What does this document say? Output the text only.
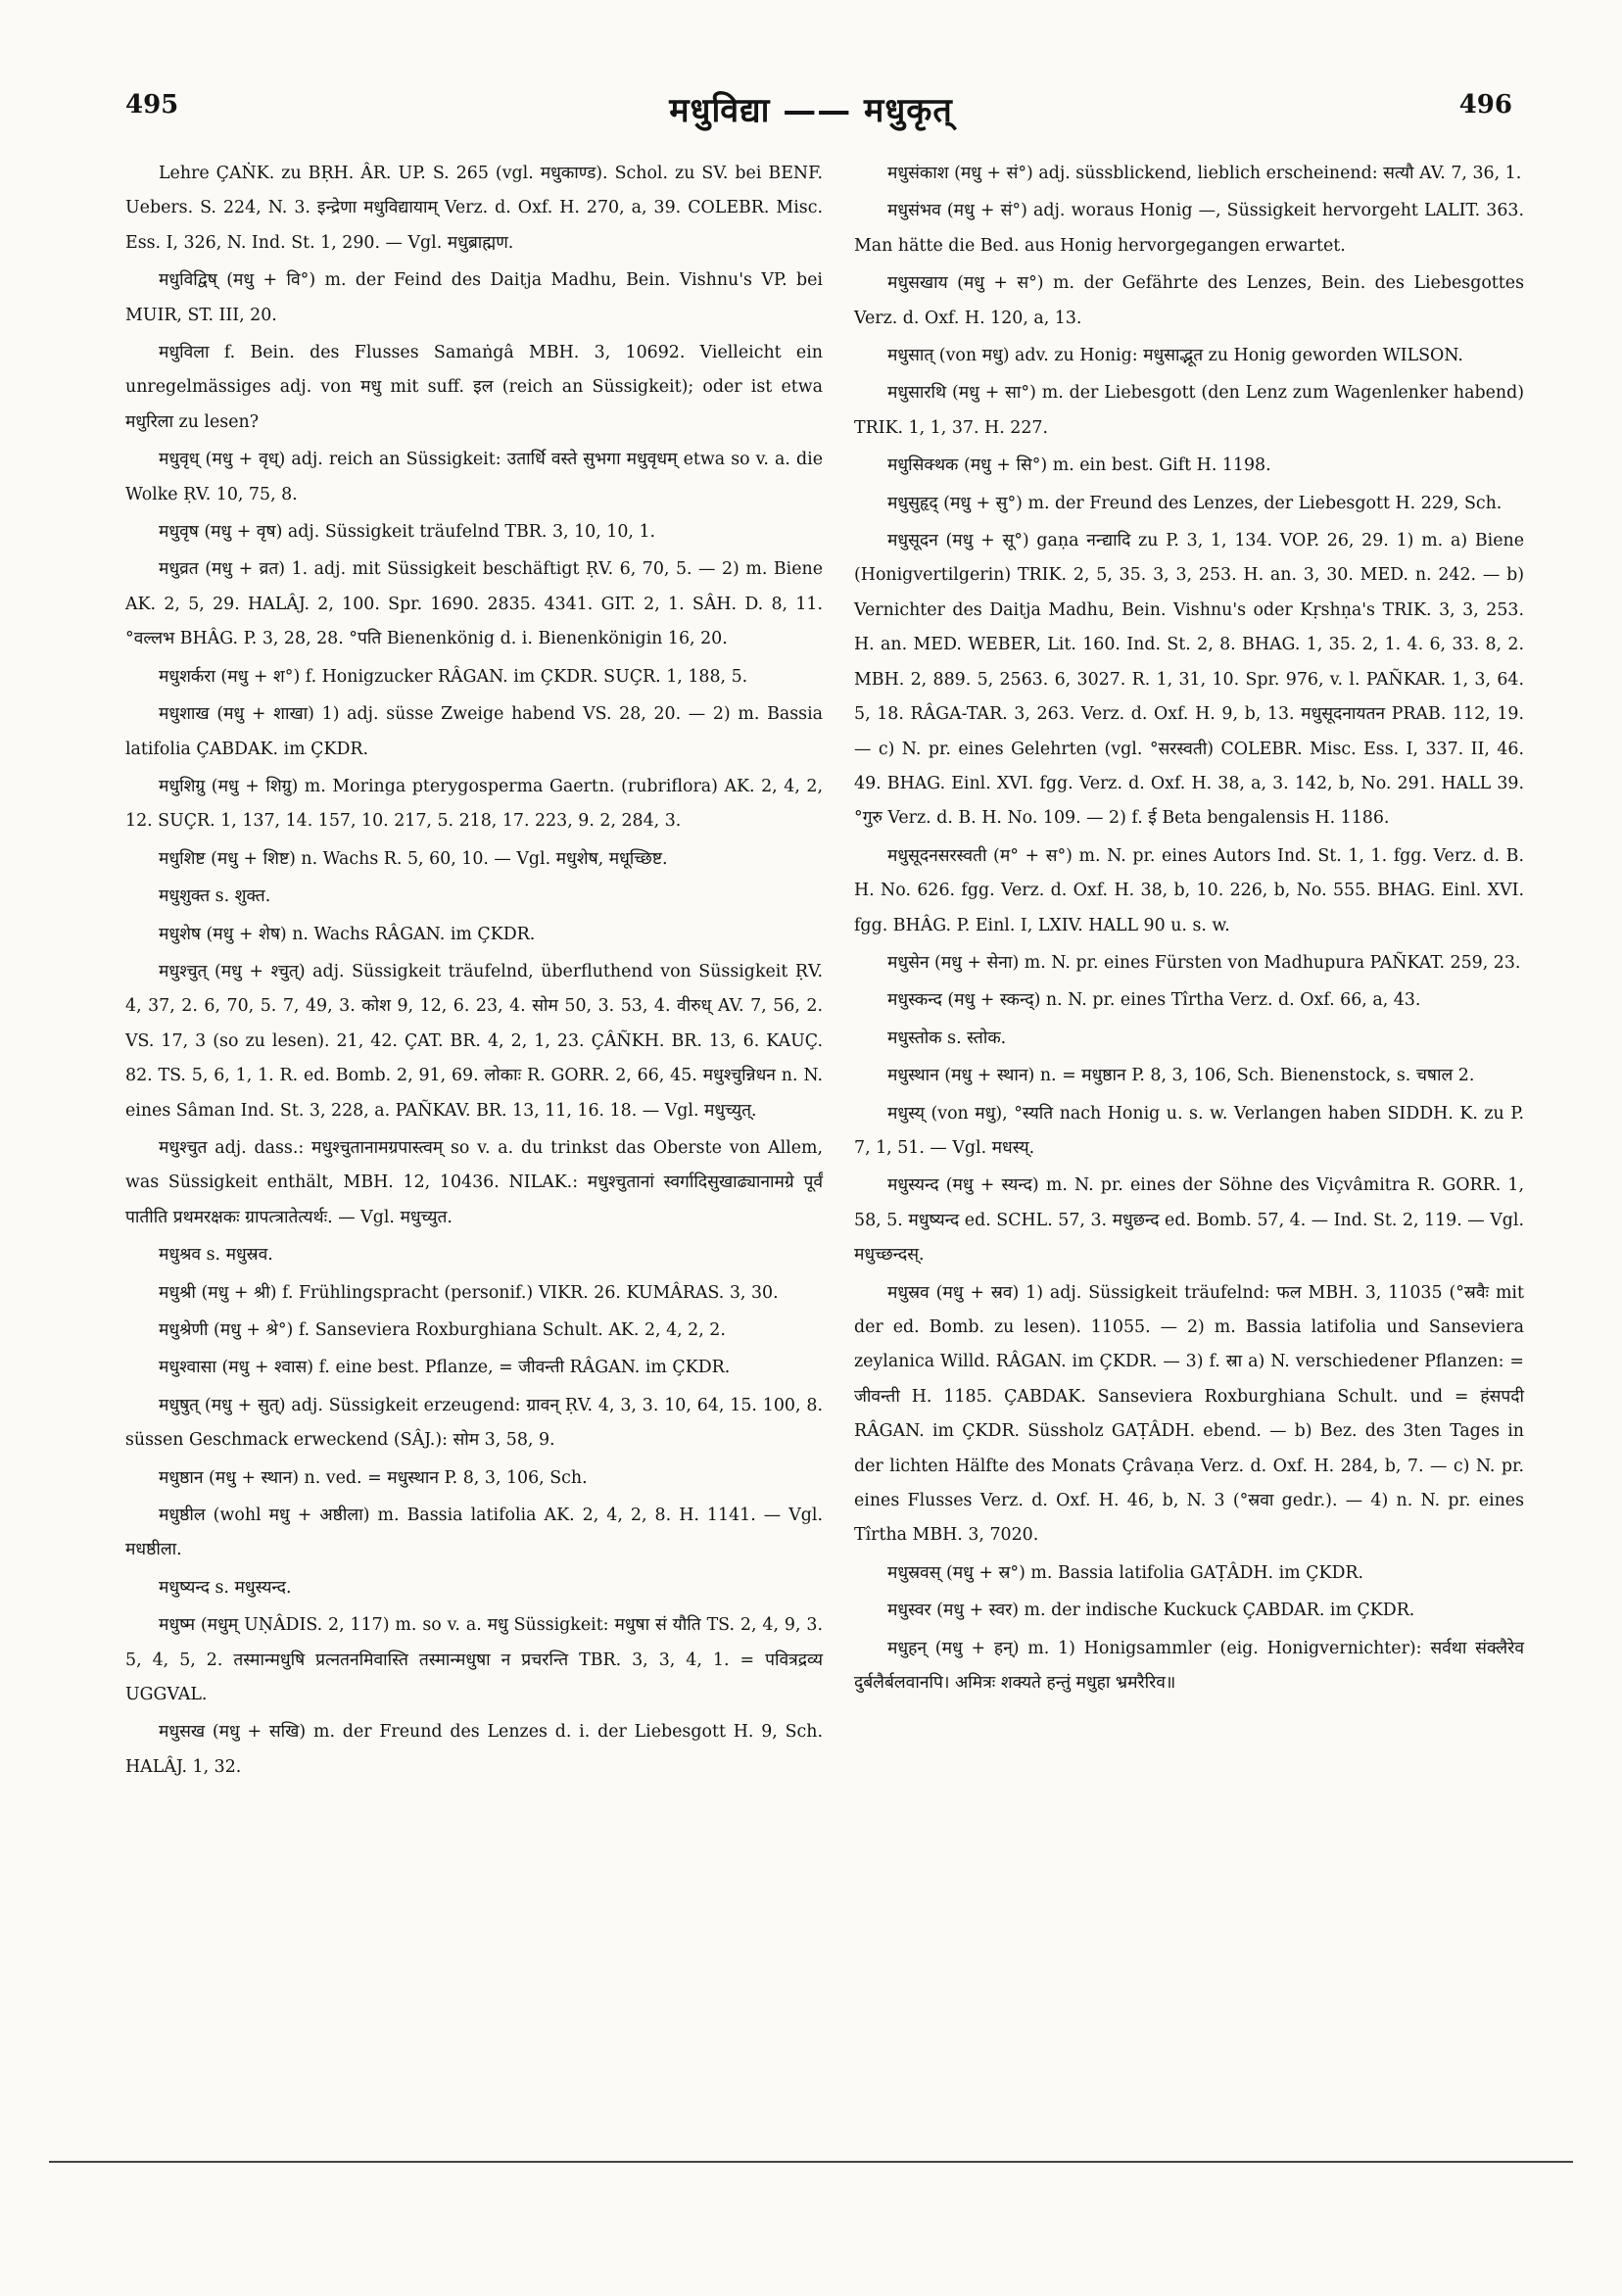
495	मधुविद्या —— मधुकृत्	496

Lehre ÇAṄK. zu BṚH. ÂR. UP. S. 265 (vgl. मधुकाण्ड). Schol. zu SV. bei BENF. Uebers. S. 224, N. 3. इन्द्रेणा मधुविद्यायाम् Verz. d. Oxf. H. 270, a, 39. COLEBR. Misc. Ess. I, 326, N. Ind. St. 1, 290. — Vgl. मधुब्राह्मण.

मधुविद्विष् (मधु + वि°) m. der Feind des Daitja Madhu, Bein. Vishnu's VP. bei MUIR, ST. III, 20.

मधुविला f. Bein. des Flusses Samaṅgâ MBH. 3, 10692. Vielleicht ein unregelmässiges adj. von मधु mit suff. इल (reich an Süssigkeit); oder ist etwa मधुरिला zu lesen?

मधुवृध् (मधु + वृध्) adj. reich an Süssigkeit: उतार्धि वस्ते सुभगा मधुवृधम् etwa so v. a. die Wolke ṚV. 10, 75, 8.

मधुवृष (मधु + वृष) adj. Süssigkeit träufelnd TBR. 3, 10, 10, 1.

मधुव्रत (मधु + व्रत) 1. adj. mit Süssigkeit beschäftigt ṚV. 6, 70, 5. — 2) m. Biene AK. 2, 5, 29. HALÂJ. 2, 100. Spr. 1690. 2835. 4341. GIT. 2, 1. SÂH. D. 8, 11. °वल्लभ BHÂG. P. 3, 28, 28. °पति Bienenkönig d. i. Bienenkönigin 16, 20.

मधुशर्करा (मधु + श°) f. Honigzucker RÂGAN. im ÇKDR. SUÇR. 1, 188, 5.

मधुशाख (मधु + शाखा) 1) adj. süsse Zweige habend VS. 28, 20. — 2) m. Bassia latifolia ÇABDAK. im ÇKDR.

मधुशिग्रु (मधु + शिग्रु) m. Moringa pterygosperma Gaertn. (rubriflora) AK. 2, 4, 2, 12. SUÇR. 1, 137, 14. 157, 10. 217, 5. 218, 17. 223, 9. 2, 284, 3.

मधुशिष्ट (मधु + शिष्ट) n. Wachs R. 5, 60, 10. — Vgl. मधुशेष, मधूच्छिष्ट.

मधुशुक्त s. शुक्त.

मधुशेष (मधु + शेष) n. Wachs RÂGAN. im ÇKDR.

मधुश्चुत् (मधु + श्चुत्) adj. Süssigkeit träufelnd, überfluthend von Süssigkeit ṚV. 4, 37, 2. 6, 70, 5. 7, 49, 3. कोश 9, 12, 6. 23, 4. सोम 50, 3. 53, 4. वीरुध् AV. 7, 56, 2. VS. 17, 3 (so zu lesen). 21, 42. ÇAT. BR. 4, 2, 1, 23. ÇÂÑKH. BR. 13, 6. KAUÇ. 82. TS. 5, 6, 1, 1. R. ed. Bomb. 2, 91, 69. लोकाः R. GORR. 2, 66, 45. मधुश्चुन्निधन n. N. eines Sâman Ind. St. 3, 228, a. PAÑKAV. BR. 13, 11, 16. 18. — Vgl. मधुच्युत्.

मधुश्चुत adj. dass.: मधुश्चुतानामग्रपास्त्वम् so v. a. du trinkst das Oberste von Allem, was Süssigkeit enthält, MBH. 12, 10436. NILAK.: मधुश्चुतानां स्वर्गादिसुखाढ्यानामग्रे पूर्वं पातीति प्रथमरक्षकः ग्रापत्त्रातेत्यर्थः. — Vgl. मधुच्युत.

मधुश्रव s. मधुस्रव.

मधुश्री (मधु + श्री) f. Frühlingspracht (personif.) VIKR. 26. KUMÂRAS. 3, 30.

मधुश्रेणी (मधु + श्रे°) f. Sanseviera Roxburghiana Schult. AK. 2, 4, 2, 2.

मधुश्वासा (मधु + श्वास) f. eine best. Pflanze, = जीवन्ती RÂGAN. im ÇKDR.

मधुषुत् (मधु + सुत्) adj. Süssigkeit erzeugend: ग्रावन् ṚV. 4, 3, 3. 10, 64, 15. 100, 8. süssen Geschmack erweckend (SÂJ.): सोम 3, 58, 9.

मधुष्ठान (मधु + स्थान) n. ved. = मधुस्थान P. 8, 3, 106, Sch.

मधुष्ठील (wohl मधु + अष्ठीला) m. Bassia latifolia AK. 2, 4, 2, 8. H. 1141. — Vgl. मधष्ठीला.

मधुष्यन्द s. मधुस्यन्द.

मधुष्म (मधुम् UṆÂDIS. 2, 117) m. so v. a. मधु Süssigkeit: मधुषा सं यौति TS. 2, 4, 9, 3. 5, 4, 5, 2. तस्मान्मधुषि प्रत्नतनमिवास्ति तस्मान्मधुषा न प्रचरन्ति TBR. 3, 3, 4, 1. = पवित्रद्रव्य UGGVAL.

मधुसख (मधु + सखि) m. der Freund des Lenzes d. i. der Liebesgott H. 9, Sch. HALÂJ. 1, 32.

मधुसंकाश (मधु + सं°) adj. süssblickend, lieblich erscheinend: सत्यौ AV. 7, 36, 1.

मधुसंभव (मधु + सं°) adj. woraus Honig —, Süssigkeit hervorgeht LALIT. 363. Man hätte die Bed. aus Honig hervorgegangen erwartet.

मधुसखाय (मधु + स°) m. der Gefährte des Lenzes, Bein. des Liebesgottes Verz. d. Oxf. H. 120, a, 13.

मधुसात् (von मधु) adv. zu Honig: मधुसाद्भूत zu Honig geworden WILSON.

मधुसारथि (मधु + सा°) m. der Liebesgott (den Lenz zum Wagenlenker habend) TRIK. 1, 1, 37. H. 227.

मधुसिक्थक (मधु + सि°) m. ein best. Gift H. 1198.

मधुसुहृद् (मधु + सु°) m. der Freund des Lenzes, der Liebesgott H. 229, Sch.

मधुसूदन (मधु + सू°) gaṇa नन्द्यादि zu P. 3, 1, 134. VOP. 26, 29. 1) m. a) Biene (Honigvertilgerin) TRIK. 2, 5, 35. 3, 3, 253. H. an. 3, 30. MED. n. 242. — b) Vernichter des Daitja Madhu, Bein. Vishnu's oder Kṛshṇa's TRIK. 3, 3, 253. H. an. MED. WEBER, Lit. 160. Ind. St. 2, 8. BHAG. 1, 35. 2, 1. 4. 6, 33. 8, 2. MBH. 2, 889. 5, 2563. 6, 3027. R. 1, 31, 10. Spr. 976, v. l. PAÑKAR. 1, 3, 64. 5, 18. RÂGA-TAR. 3, 263. Verz. d. Oxf. H. 9, b, 13. मधुसूदनायतन PRAB. 112, 19. — c) N. pr. eines Gelehrten (vgl. °सरस्वती) COLEBR. Misc. Ess. I, 337. II, 46. 49. BHAG. Einl. XVI. fgg. Verz. d. Oxf. H. 38, a, 3. 142, b, No. 291. HALL 39. °गुरु Verz. d. B. H. No. 109. — 2) f. ई Beta bengalensis H. 1186.

मधुसूदनसरस्वती (म° + स°) m. N. pr. eines Autors Ind. St. 1, 1. fgg. Verz. d. B. H. No. 626. fgg. Verz. d. Oxf. H. 38, b, 10. 226, b, No. 555. BHAG. Einl. XVI. fgg. BHÂG. P. Einl. I, LXIV. HALL 90 u. s. w.

मधुसेन (मधु + सेना) m. N. pr. eines Fürsten von Madhupura PAÑKAT. 259, 23.

मधुस्कन्द (मधु + स्कन्द्) n. N. pr. eines Tîrtha Verz. d. Oxf. 66, a, 43.

मधुस्तोक s. स्तोक.

मधुस्थान (मधु + स्थान) n. = मधुष्ठान P. 8, 3, 106, Sch. Bienenstock, s. चषाल 2.

मधुस्य् (von मधु), °स्यति nach Honig u. s. w. Verlangen haben SIDDH. K. zu P. 7, 1, 51. — Vgl. मधस्य्.

मधुस्यन्द (मधु + स्यन्द) m. N. pr. eines der Söhne des Viçvâmitra R. GORR. 1, 58, 5. मधुष्यन्द ed. SCHL. 57, 3. मधुछन्द ed. Bomb. 57, 4. — Ind. St. 2, 119. — Vgl. मधुच्छन्दस्.

मधुस्रव (मधु + स्रव) 1) adj. Süssigkeit träufelnd: फल MBH. 3, 11035 (°स्रवैः mit der ed. Bomb. zu lesen). 11055. — 2) m. Bassia latifolia und Sanseviera zeylanica Willd. RÂGAN. im ÇKDR. — 3) f. स्रा a) N. verschiedener Pflanzen: = जीवन्ती H. 1185. ÇABDAK. Sanseviera Roxburghiana Schult. und = हंसपदी RÂGAN. im ÇKDR. Süssholz GAṬÂDH. ebend. — b) Bez. des 3ten Tages in der lichten Hälfte des Monats Çrâvaṇa Verz. d. Oxf. H. 284, b, 7. — c) N. pr. eines Flusses Verz. d. Oxf. H. 46, b, N. 3 (°स्रवा gedr.). — 4) n. N. pr. eines Tîrtha MBH. 3, 7020.

मधुस्रवस् (मधु + स्र°) m. Bassia latifolia GAṬÂDH. im ÇKDR.

मधुस्वर (मधु + स्वर) m. der indische Kuckuck ÇABDAR. im ÇKDR.

मधुहन् (मधु + हन्) m. 1) Honigsammler (eig. Honigvernichter): सर्वथा संक्लैरेव दुर्बलैर्बलवानपि। अमित्रः शक्यते हन्तुं मधुहा भ्रमरैरिव॥
